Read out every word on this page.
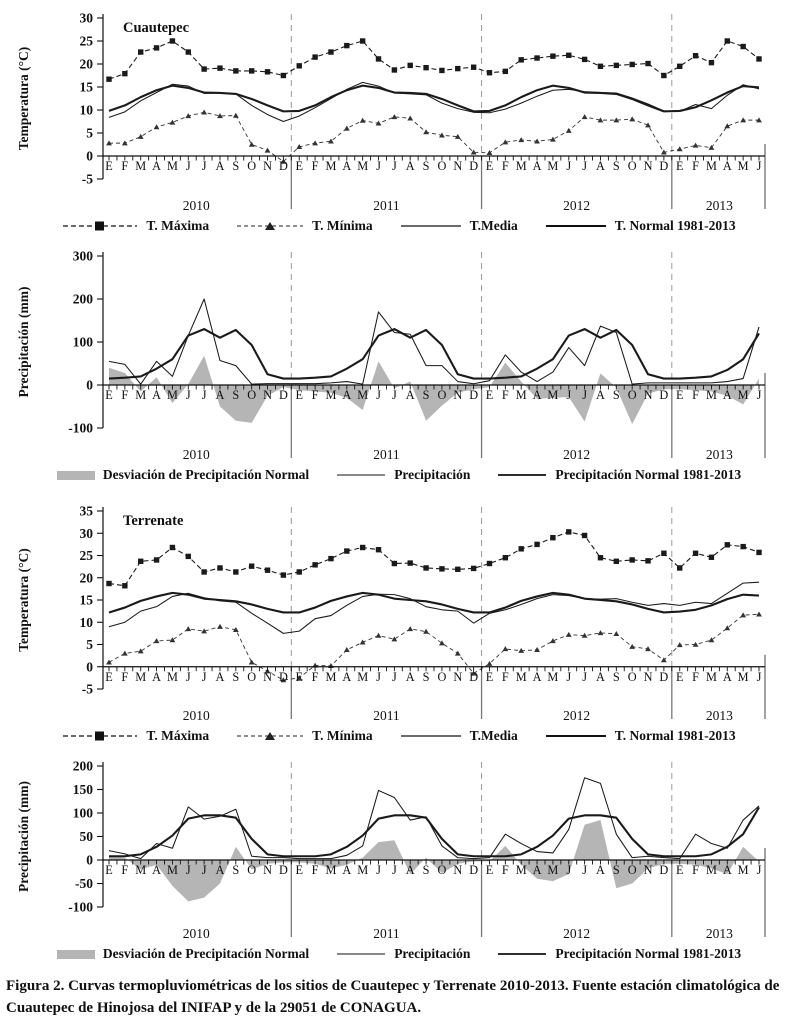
30
25
20
15
10
5
0
-5
E F M A M J J A S O N D E F M A M J J A S O N D E F M A M J J A S O N D E F M A M J
2010	2011	2012	2013
Temperatura (°C)
Cuautepec
T. Máxima	T. Mínima	T.Media	T. Normal 1981-2013
300
200
100
0
-100
E F M A M J J A S O N D E F M A M J J A S O N D E F M A M J J A S O N D E F M A M J
2010	2011	2012	2013
Precipitación (mm)
Desviación de Precipitación Normal	Precipitación	Precipitación Normal 1981-2013
35
30
25
20
15
10
5
0
-5
E F M A M J J A S O N D E F M A M J J A S O N D E F M A M J J A S O N D E F M A M J
2010	2011	2012	2013
Temperatura (°C)
Terrenate
T. Máxima	T. Mínima	T.Media	T. Normal 1981-2013
200
150
100
50
0
-50
-100
E F M A M J J A S O N D E F M A M J J A S O N D E F M A M J J A S O N D E F M A M J
2010	2011	2012	2013
Precipitación (mm)
Desviación de Precipitación Normal	Precipitación	Precipitación Normal 1981-2013

Figura 2. Curvas termopluviométricas de los sitios de Cuautepec y Terrenate 2010-2013. Fuente estación climatológica de Cuautepec de Hinojosa del INIFAP y de la 29051 de CONAGUA.
